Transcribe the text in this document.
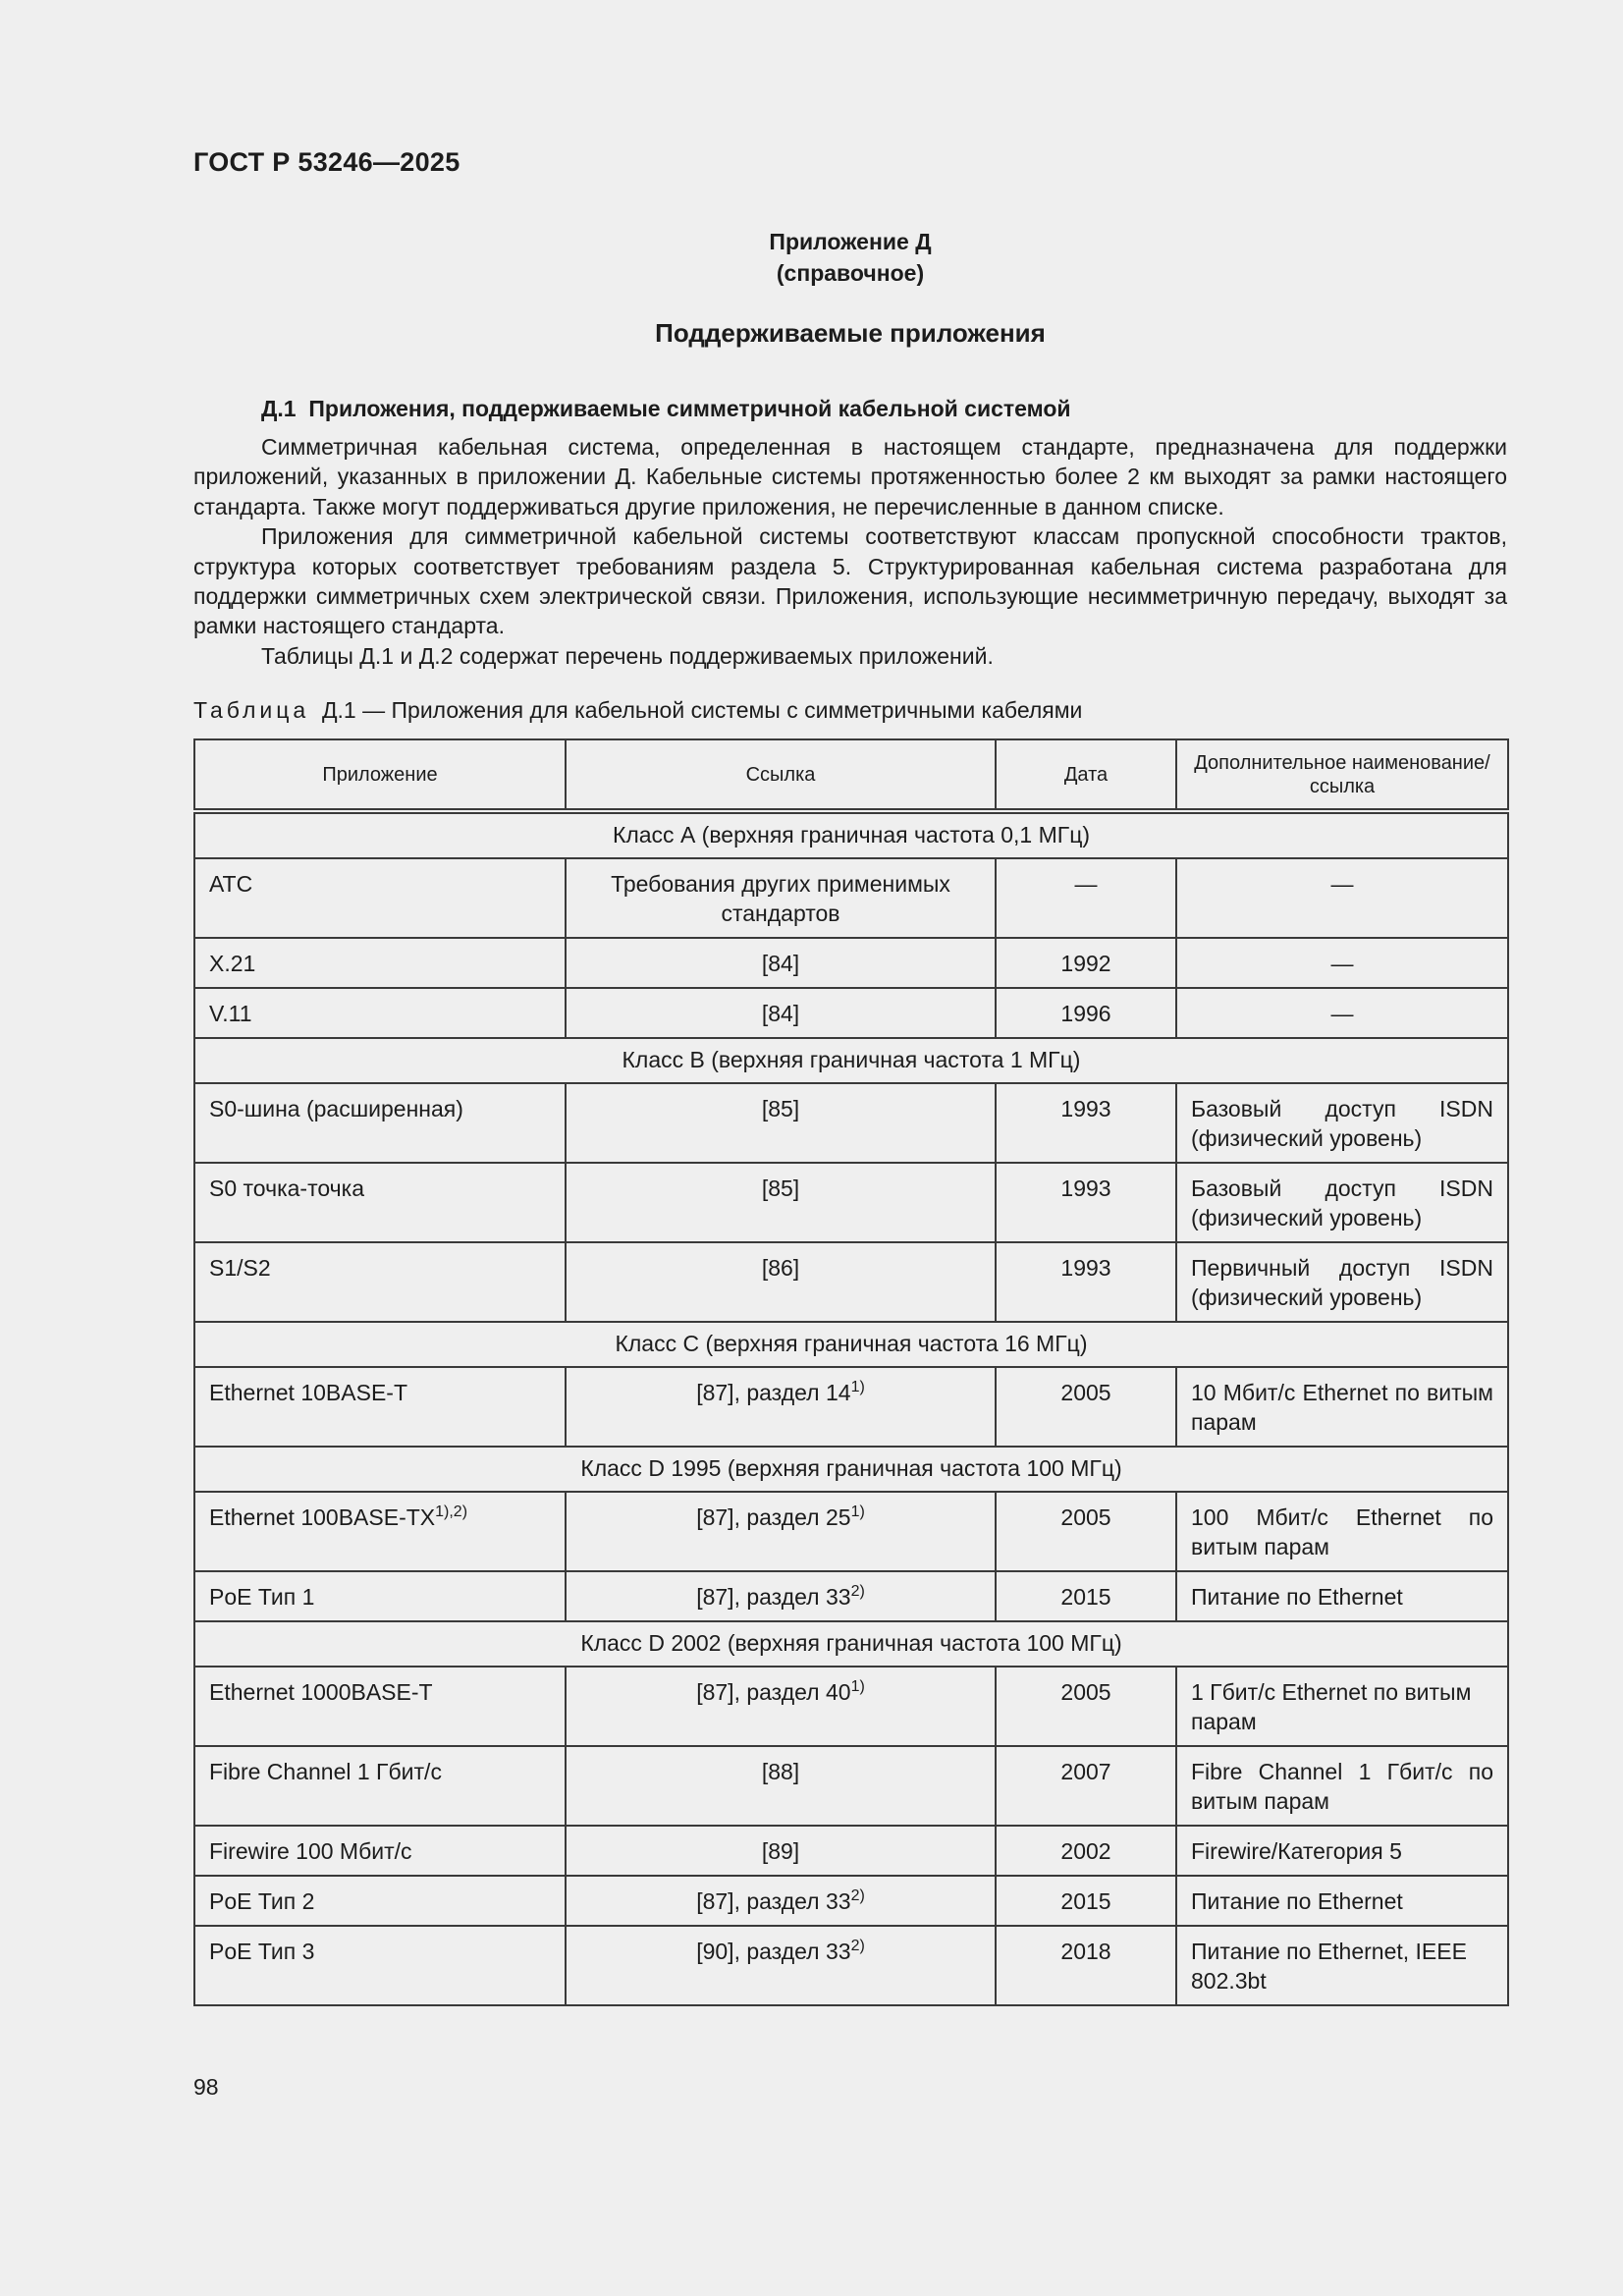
ГОСТ Р 53246—2025
Приложение Д
(справочное)
Поддерживаемые приложения
Д.1 Приложения, поддерживаемые симметричной кабельной системой

Симметричная кабельная система, определенная в настоящем стандарте, предназначена для поддержки приложений, указанных в приложении Д. Кабельные системы протяженностью более 2 км выходят за рамки настоящего стандарта. Также могут поддерживаться другие приложения, не перечисленные в данном списке.

Приложения для симметричной кабельной системы соответствуют классам пропускной способности трактов, структура которых соответствует требованиям раздела 5. Структурированная кабельная система разработана для поддержки симметричных схем электрической связи. Приложения, использующие несимметричную передачу, выходят за рамки настоящего стандарта.

Таблицы Д.1 и Д.2 содержат перечень поддерживаемых приложений.

Таблица Д.1 — Приложения для кабельной системы с симметричными кабелями
Приложение	Ссылка	Дата	Дополнительное наименование/ссылка
Класс А (верхняя граничная частота 0,1 МГц)			
АТС	Требования других применимых стандартов	—	—
X.21	[84]	1992	—
V.11	[84]	1996	—
Класс В (верхняя граничная частота 1 МГц)			
S0-шина (расширенная)	[85]	1993	Базовый доступ ISDN (физический уровень)
S0 точка-точка	[85]	1993	Базовый доступ ISDN (физический уровень)
S1/S2	[86]	1993	Первичный доступ ISDN (физический уровень)
Класс С (верхняя граничная частота 16 МГц)			
Ethernet 10BASE-T	[87], раздел 14$^{1)}$	2005	10 Мбит/с Ethernet по витым парам
Класс D 1995 (верхняя граничная частота 100 МГц)			
Ethernet $100BASE-TX^{1),2)}$	[87], раздел 25$^{1)}$	2005	100 Мбит/с Ethernet по витым парам
PoE Тип 1	[87], раздел 33$^{2)}$	2015	Питание по Ethernet
Класс D 2002 (верхняя граничная частота 100 МГц)			
Ethernet 1000BASE-T	[87], раздел 40$^{1)}$	2005	1 Гбит/с Ethernet по витым парам
Fibre Channel 1 Гбит/с	[88]	2007	Fibre Channel 1 Гбит/с по витым парам
Firewire 100 Мбит/с	[89]	2002	Firewire/Категория 5
PoE Тип 2	[87], раздел 33$^{2)}$	2015	Питание по Ethernet
PoE Тип 3	[90], раздел 33$^{2)}$	2018	Питание по Ethernet, IEEE 802.3bt
98
